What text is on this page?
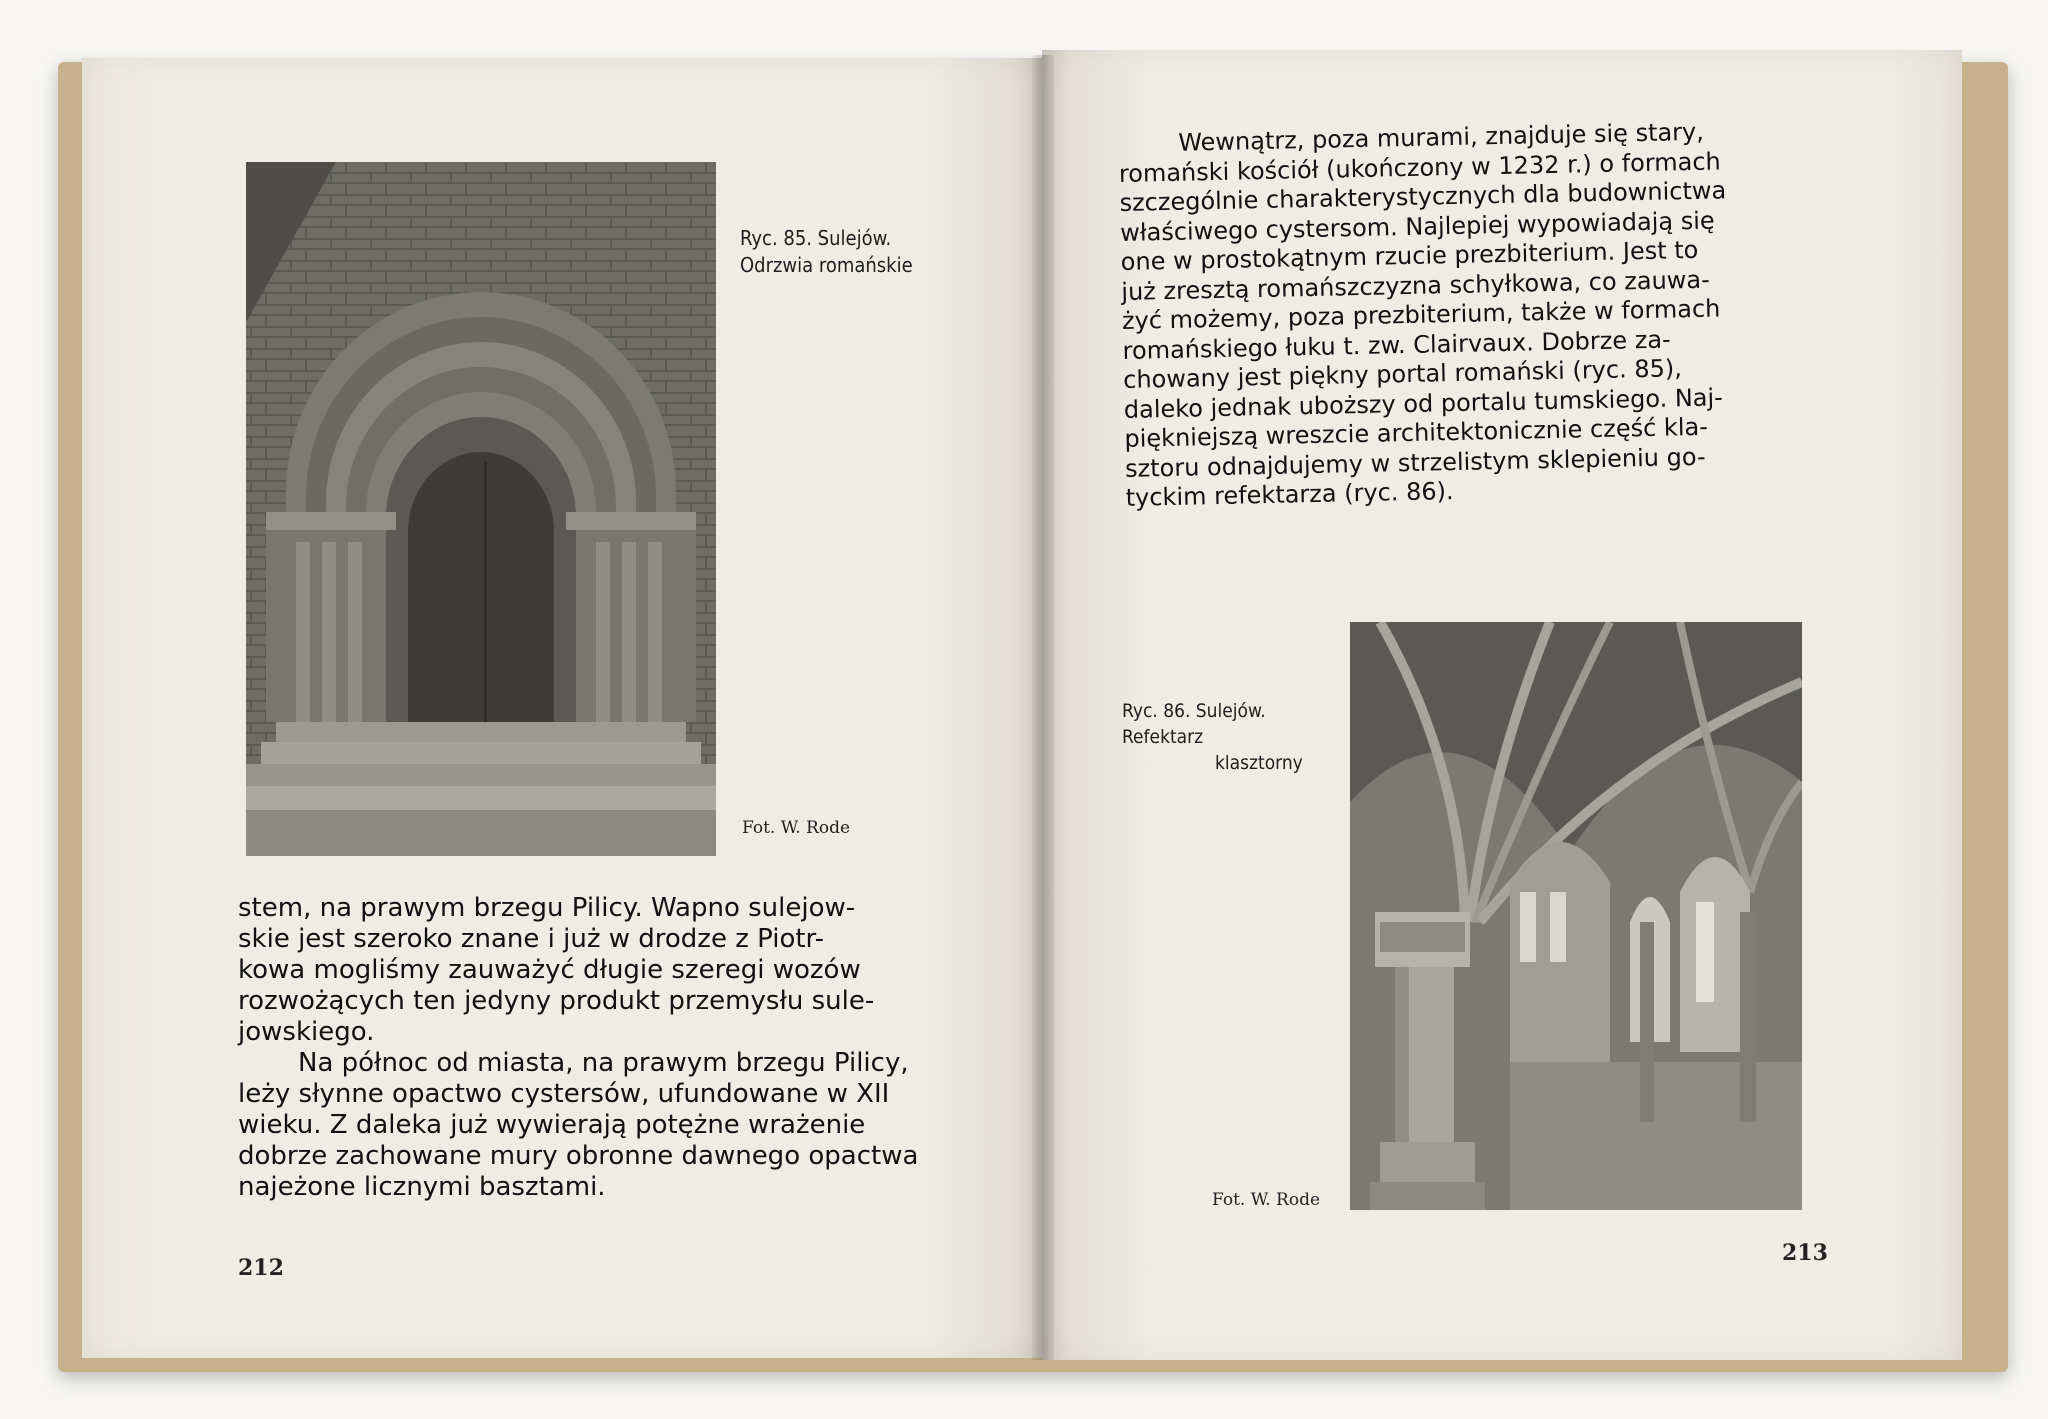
Ryc. 85. Sulejów.
Odrzwia romańskie
Fot. W. Rode
stem, na prawym brzegu Pilicy. Wapno sulejow-
skie jest szeroko znane i już w drodze z Piotr-
kowa mogliśmy zauważyć długie szeregi wozów
rozwożących ten jedyny produkt przemysłu sule-
jowskiego.
Na północ od miasta, na prawym brzegu Pilicy,
leży słynne opactwo cystersów, ufundowane w XII
wieku. Z daleka już wywierają potężne wrażenie
dobrze zachowane mury obronne dawnego opactwa
najeżone licznymi basztami.
212
Wewnątrz, poza murami, znajduje się stary,
romański kościół (ukończony w 1232 r.) o formach
szczególnie charakterystycznych dla budownictwa
właściwego cystersom. Najlepiej wypowiadają się
one w prostokątnym rzucie prezbiterium. Jest to
już zresztą romańszczyzna schyłkowa, co zauwa-
żyć możemy, poza prezbiterium, także w formach
romańskiego łuku t. zw. Clairvaux. Dobrze za-
chowany jest piękny portal romański (ryc. 85),
daleko jednak uboższy od portalu tumskiego. Naj-
piękniejszą wreszcie architektonicznie część kla-
sztoru odnajdujemy w strzelistym sklepieniu go-
tyckim refektarza (ryc. 86).
Ryc. 86. Sulejów.
Refektarz
klasztorny
Fot. W. Rode
213
